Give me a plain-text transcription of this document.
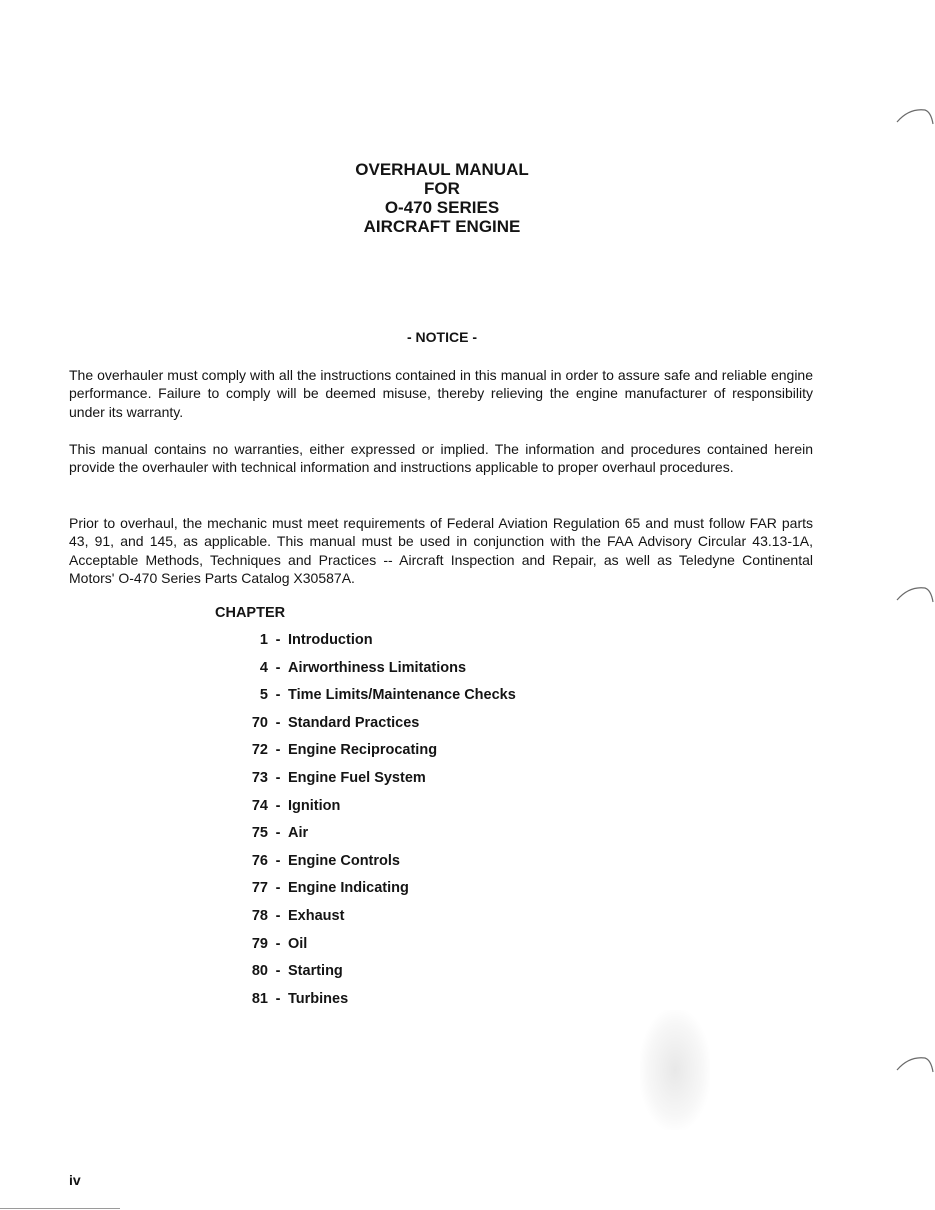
OVERHAUL MANUAL
FOR
O-470 SERIES
AIRCRAFT ENGINE
- NOTICE -
The overhauler must comply with all the instructions contained in this manual in order to assure safe and reliable engine performance. Failure to comply will be deemed misuse, thereby relieving the engine manufacturer of responsibility under its warranty.
This manual contains no warranties, either expressed or implied. The information and procedures contained herein provide the overhauler with technical information and instructions applicable to proper overhaul procedures.
Prior to overhaul, the mechanic must meet requirements of Federal Aviation Regulation 65 and must follow FAR parts 43, 91, and 145, as applicable. This manual must be used in conjunction with the FAA Advisory Circular 43.13-1A, Acceptable Methods, Techniques and Practices -- Aircraft Inspection and Repair, as well as Teledyne Continental Motors' O-470 Series Parts Catalog X30587A.
CHAPTER
1 - Introduction
4 - Airworthiness Limitations
5 - Time Limits/Maintenance Checks
70 - Standard Practices
72 - Engine Reciprocating
73 - Engine Fuel System
74 - Ignition
75 - Air
76 - Engine Controls
77 - Engine Indicating
78 - Exhaust
79 - Oil
80 - Starting
81 - Turbines
iv
